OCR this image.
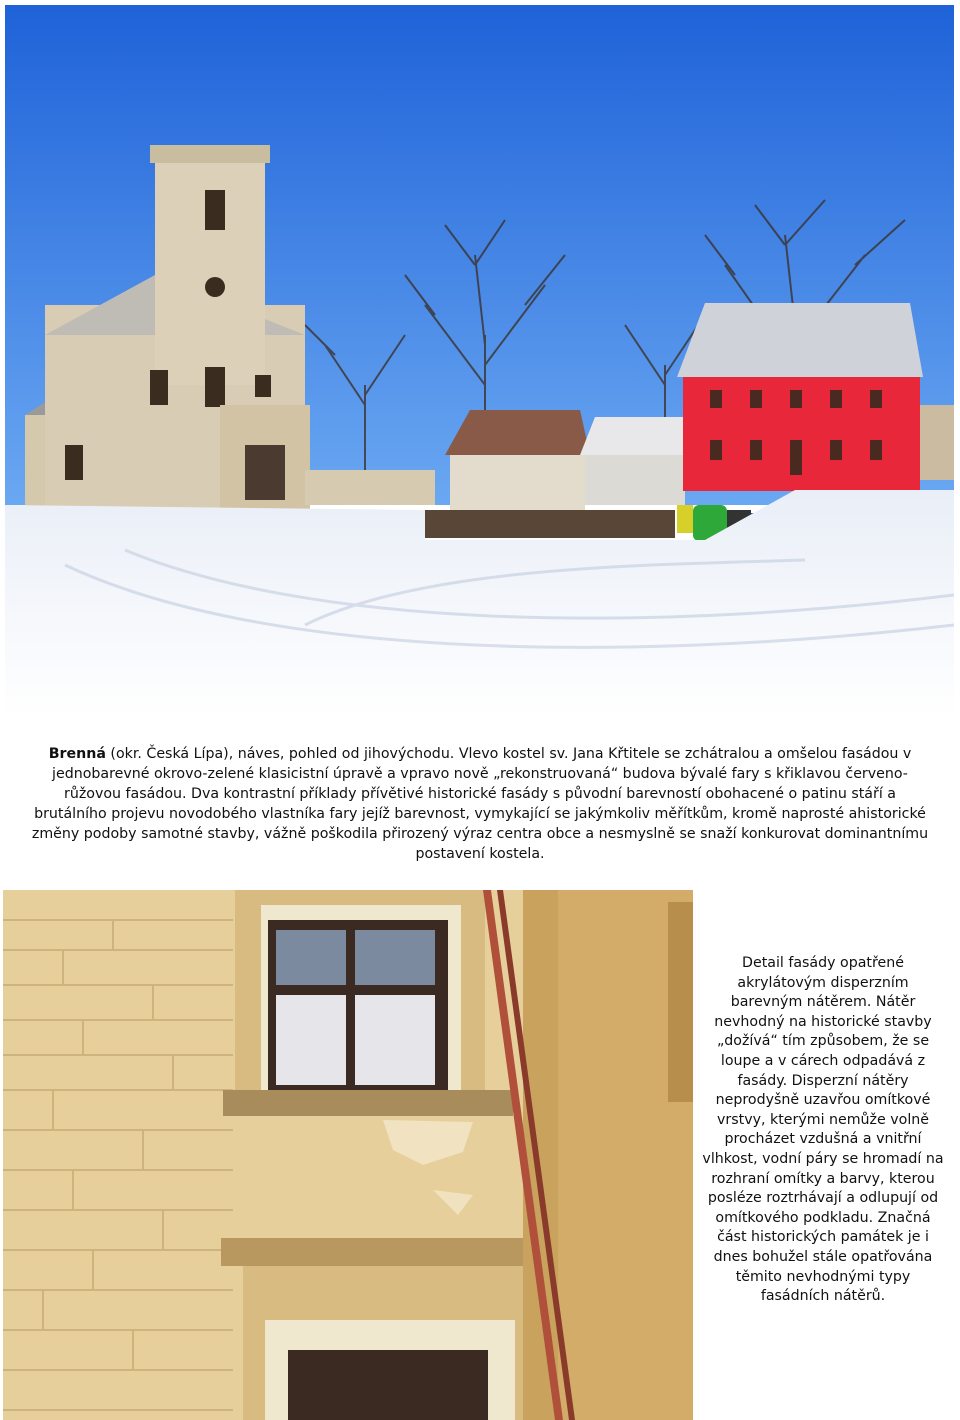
Brenná (okr. Česká Lípa), náves, pohled od jihovýchodu. Vlevo kostel sv. Jana Křtitele se zchátralou a omšelou fasádou v jednobarevné okrovo-zelené klasicistní úpravě a vpravo nově „rekonstruovaná“ budova bývalé fary s křiklavou červeno-růžovou fasádou. Dva kontrastní příklady přívětivé historické fasády s původní barevností obohacené o patinu stáří a brutálního projevu novodobého vlastníka fary jejíž barevnost, vymykající se jakýmkoliv měřítkům, kromě naprosté ahistorické změny podoby samotné stavby, vážně poškodila přirozený výraz centra obce a nesmyslně se snaží konkurovat dominantnímu postavení kostela.
Detail fasády opatřené akrylátovým disperzním barevným nátěrem. Nátěr nevhodný na historické stavby „dožívá“ tím způsobem, že se loupe a v cárech odpadává z fasády. Disperzní nátěry neprodyšně uzavřou omítkové vrstvy, kterými nemůže volně procházet vzdušná a vnitřní vlhkost, vodní páry se hromadí na rozhraní omítky a barvy, kterou posléze roztrhávají a odlupují od omítkového podkladu. Značná část historických památek je i dnes bohužel stále opatřována těmito nevhodnými typy fasádních nátěrů.
